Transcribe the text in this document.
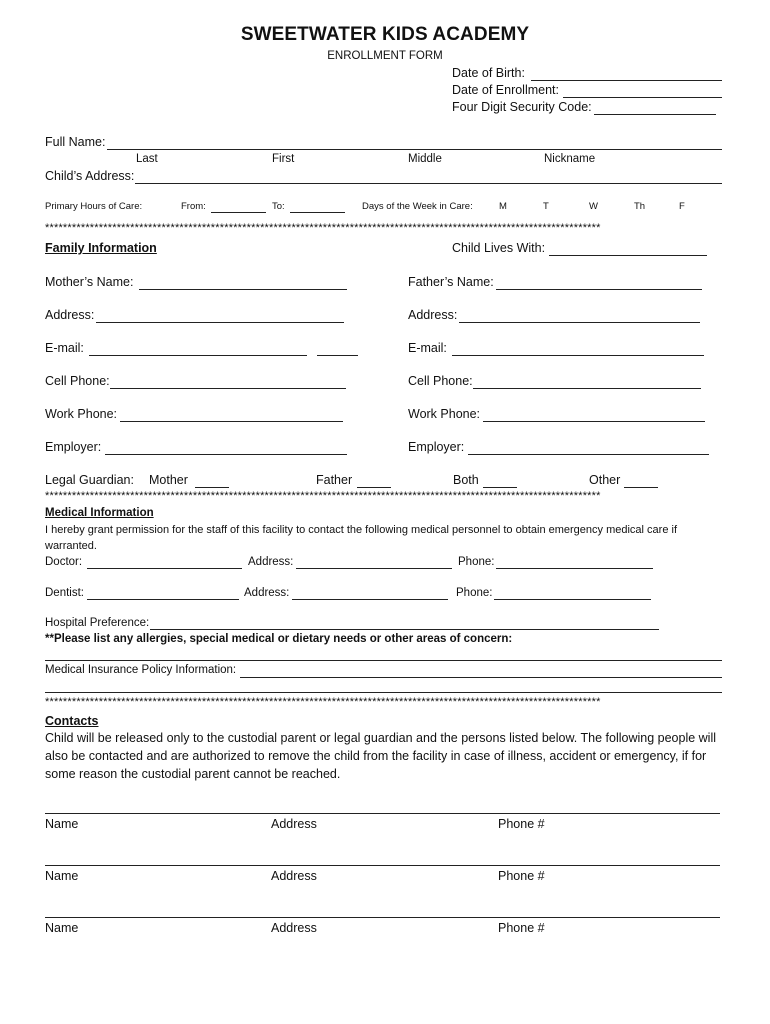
SWEETWATER KIDS ACADEMY
ENROLLMENT FORM
Date of Birth:
Date of Enrollment:
Four Digit Security Code:
Full Name:
Last	First	Middle	Nickname
Child’s Address:
Primary Hours of Care:	From:	To:	Days of the Week in Care:	M	T	W	Th	F
****************************************************************************************************************************
Family Information	Child Lives With:
Mother’s Name:	Father’s Name:
Address:	Address:
E-mail:	E-mail:
Cell Phone:	Cell Phone:
Work Phone:	Work Phone:
Employer:	Employer:
Legal Guardian: Mother	Father	Both	Other
****************************************************************************************************************************
Medical Information
I hereby grant permission for the staff of this facility to contact the following medical personnel to obtain emergency medical care if warranted.
Doctor:	Address:	Phone:
Dentist:	Address:	Phone:
Hospital Preference:
**Please list any allergies, special medical or dietary needs or other areas of concern:
Medical Insurance Policy Information:
****************************************************************************************************************************
Contacts
Child will be released only to the custodial parent or legal guardian and the persons listed below. The following people will also be contacted and are authorized to remove the child from the facility in case of illness, accident or emergency, if for some reason the custodial parent cannot be reached.
Name	Address	Phone #
Name	Address	Phone #
Name	Address	Phone #
